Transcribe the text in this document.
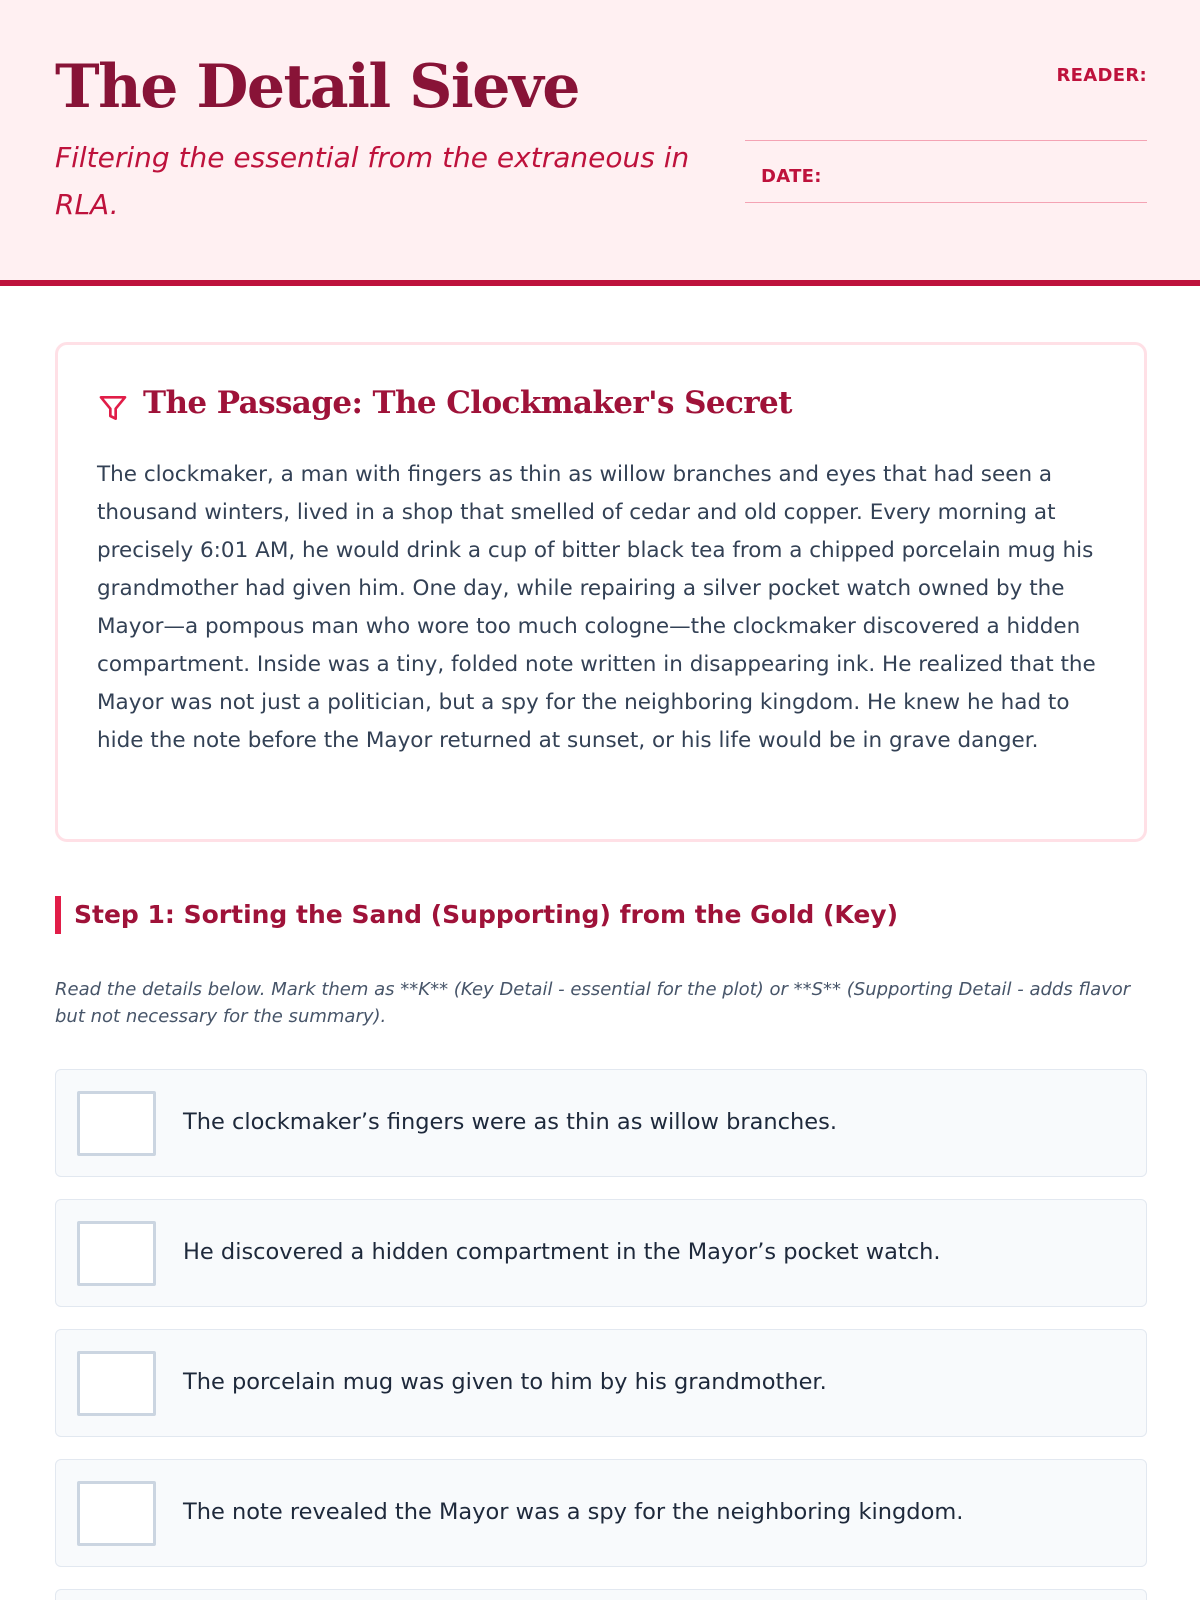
The Detail Sieve
Filtering the essential from the extraneous in RLA.
READER:
DATE:
The Passage: The Clockmaker's Secret
The clockmaker, a man with fingers as thin as willow branches and eyes that had seen a thousand winters, lived in a shop that smelled of cedar and old copper. Every morning at precisely 6:01 AM, he would drink a cup of bitter black tea from a chipped porcelain mug his grandmother had given him. One day, while repairing a silver pocket watch owned by the Mayor—a pompous man who wore too much cologne—the clockmaker discovered a hidden compartment. Inside was a tiny, folded note written in disappearing ink. He realized that the Mayor was not just a politician, but a spy for the neighboring kingdom. He knew he had to hide the note before the Mayor returned at sunset, or his life would be in grave danger.
Step 1: Sorting the Sand (Supporting) from the Gold (Key)
Read the details below. Mark them as **K** (Key Detail - essential for the plot) or **S** (Supporting Detail - adds flavor but not necessary for the summary).
The clockmaker’s fingers were as thin as willow branches.
He discovered a hidden compartment in the Mayor’s pocket watch.
The porcelain mug was given to him by his grandmother.
The note revealed the Mayor was a spy for the neighboring kingdom.
